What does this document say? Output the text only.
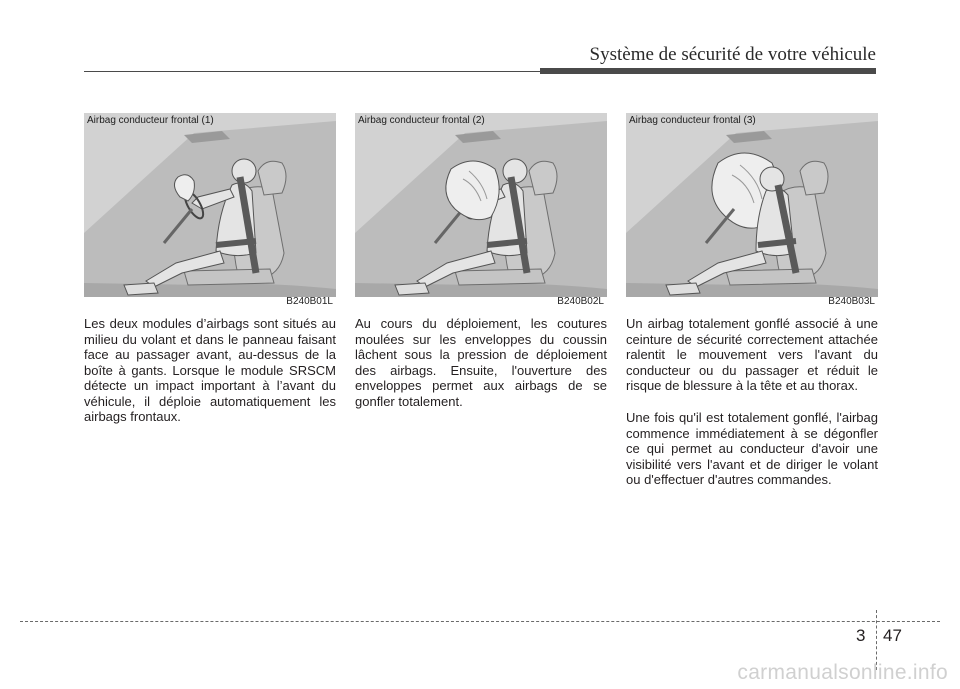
Système de sécurité de votre véhicule
Airbag conducteur frontal (1)
B240B01L
Airbag conducteur frontal (2)
B240B02L
Airbag conducteur frontal (3)
B240B03L

Les deux modules d’airbags sont situés au milieu du volant et dans le panneau faisant face au passager avant, au-dessus de la boîte à gants. Lorsque le module SRSCM détecte un impact important à l’avant du véhicule, il déploie automatiquement les airbags frontaux.

Au cours du déploiement, les coutures moulées sur les enveloppes du coussin lâchent sous la pression de déploiement des airbags. Ensuite, l'ouverture des enveloppes permet aux airbags de se gonfler totalement.

Un airbag totalement gonflé associé à une ceinture de sécurité correctement attachée ralentit le mouvement vers l'avant du conducteur ou du passager et réduit le risque de blessure à la tête et au thorax.

Une fois qu'il est totalement gonflé, l'airbag commence immédiatement à se dégonfler ce qui permet au conducteur d'avoir une visibilité vers l'avant et de diriger le volant ou d'effectuer d'autres commandes.

3 47
carmanualsonline.info
